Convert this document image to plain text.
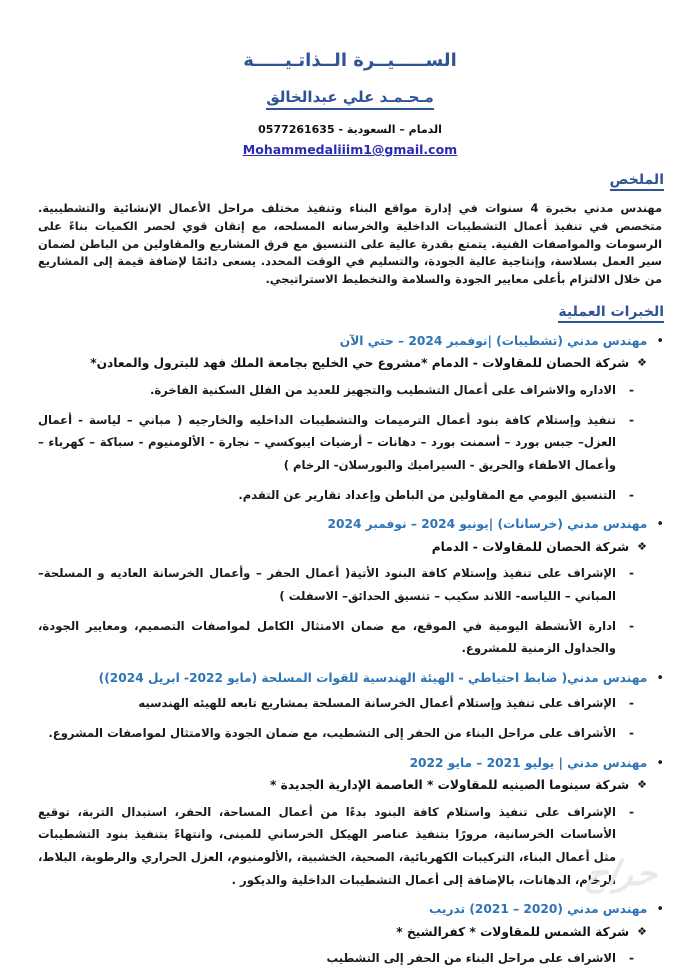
الســـــيــرة الــذاتـيـــــة
مـحـمـد علي عبدالخالق
الدمام – السعودية - 0577261635
Mohammedaliiim1@gmail.com
الملخص

مهندس مدني بخبرة 4 سنوات في إدارة مواقع البناء وتنفيذ مختلف مراحل الأعمال الإنشائية والتشطيبية. متخصص في تنفيذ أعمال التشطيبات الداخلية والخرسانه المسلحه، مع إتقان قوي لحصر الكميات بناءً على الرسومات والمواصفات الفنية. يتمتع بقدرة عالية على التنسيق مع فرق المشاريع والمقاولين من الباطن لضمان سير العمل بسلاسة، وإنتاجية عالية الجودة، والتسليم في الوقت المحدد. يسعى دائمًا لإضافة قيمة إلى المشاريع من خلال الالتزام بأعلى معايير الجودة والسلامة والتخطيط الاستراتيجي.

الخبرات العملية
•
مهندس مدني (تشطيبات) |نوفمبر 2024 – حتي الآن
❖
شركة الحصان للمقاولات - الدمام *مشروع حي الخليج بجامعة الملك فهد للبترول والمعادن*
-
الاداره والاشراف على أعمال التشطيب والتجهيز للعديد من الفلل السكنية الفاخرة.
-
تنفيذ وإستلام كافة بنود أعمال الترميمات والتشطيبات الداخليه والخارجيه ( مباني – لياسة - أعمال العزل– جبس بورد – أسمنت بورد – دهانات – أرضيات ايبوكسي – نجارة - الألومنيوم - سباكة – كهرباء – وأعمال الاطفاء والحريق - السيراميك والبورسلان- الرخام )
-
التنسيق اليومي مع المقاولين من الباطن وإعداد تقارير عن التقدم.
•
مهندس مدني (خرسانات) |يونيو 2024 – نوفمبر 2024
❖
شركة الحصان للمقاولات - الدمام
-
الإشراف على تنفيذ وإستلام كافة البنود الأتية( أعمال الحفر – وأعمال الخرسانة العاديه و المسلحة– المباني – اللياسه- اللاند سكيب – تنسيق الحدائق– الاسفلت )
-
ادارة الأنشطة اليومية في الموقع، مع ضمان الامتثال الكامل لمواصفات التصميم، ومعايير الجودة، والجداول الزمنية للمشروع.
•
مهندس مدني( ضابط احتياطي - الهيئة الهندسية للقوات المسلحة (مايو 2022- ابريل 2024))
-
الإشراف على تنفيذ وإستلام أعمال الخرسانة المسلحة بمشاريع تابعه للهيئه الهندسيه
-
الأشراف على مراحل البناء من الحفر إلى التشطيب، مع ضمان الجودة والامتثال لمواصفات المشروع.
•
مهندس مدني | يوليو 2021 – مايو 2022
❖
شركة سينوما الصينيه للمقاولات * العاصمة الإدارية الجديدة *
-
الإشراف على تنفيذ واستلام كافة البنود بدءًا من أعمال المساحة، الحفر، استبدال التربة، توقيع الأساسات الخرسانية، مرورًا بتنفيذ عناصر الهيكل الخرساني للمبنى، وانتهاءً بتنفيذ بنود التشطيبات مثل أعمال البناء، التركيبات الكهربائية، الصحية، الخشبية، ,الألومنيوم، العزل الحراري والرطوبة، البلاط، الرخام، الدهانات، بالإضافة إلى أعمال التشطيبات الداخلية والديكور .
•
مهندس مدني (2020 – 2021) تدريب
❖
شركة الشمس للمقاولات * كفرالشيخ *
-
الاشراف على مراحل البناء من الحفر إلى التشطيب
حراج
